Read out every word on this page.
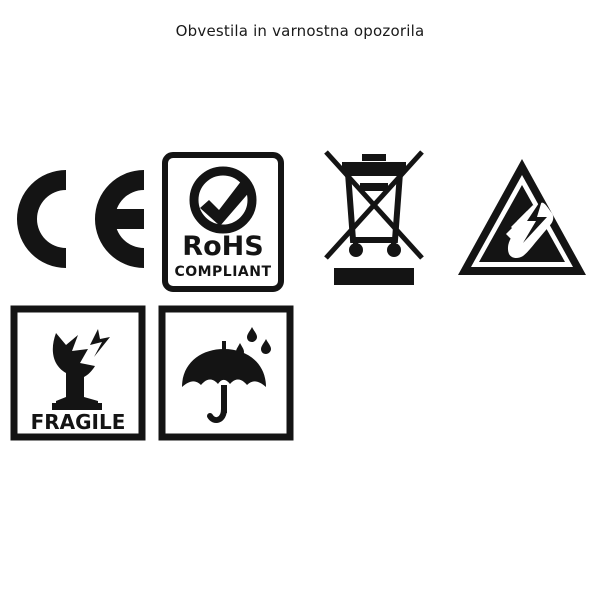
Obvestila in varnostna opozorila
RoHS
COMPLIANT
FRAGILE
